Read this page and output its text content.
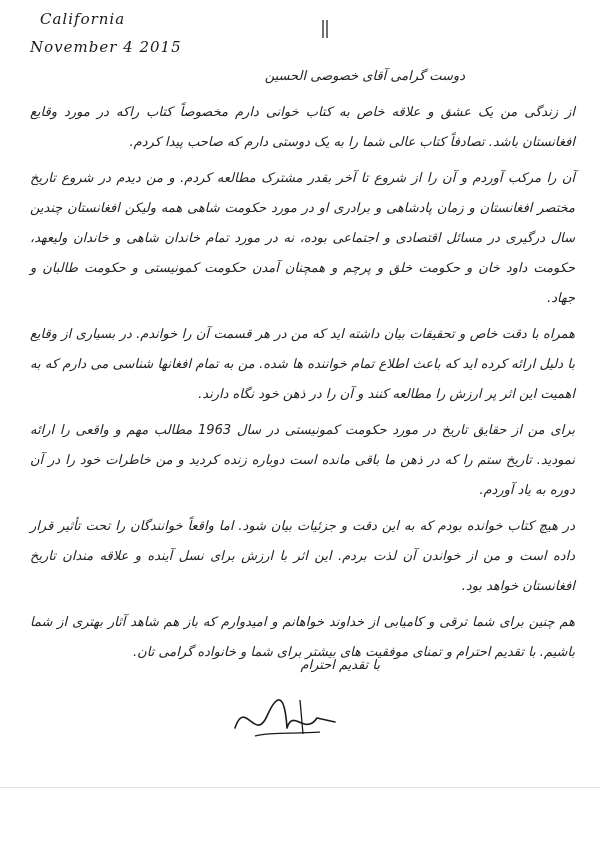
California
November 4 2015

دوست گرامی آقای خصوصی الحسین

از زندگی من یک عشق و علاقه خاص به کتاب خوانی دارم مخصوصاً کتاب راکه در مورد وقایع افغانستان باشد. تصادفاً کتاب عالی شما را به یک دوستی دارم که صاحب پیدا کردم.

آن را مرکب آوردم و آن را از شروع تا آخر بقدر مشترک مطالعه کردم. و من دیدم در شروع تاریخ مختصر افغانستان و زمان پادشاهی و برادری او در مورد حکومت شاهی همه ولیکن افغانستان چندین سال درگیری در مسائل اقتصادی و اجتماعی بوده، نه در مورد تمام خاندان شاهی و خاندان ولیعهد، حکومت داود خان و حکومت خلق و پرچم و همچنان آمدن حکومت کمونیستی و حکومت طالبان و جهاد.

همراه با دقت خاص و تحقیقات بیان داشته اید که من در هر قسمت آن را خواندم. در بسیاری از وقایع با دلیل ارائه کرده اید که باعث اطلاع تمام خواننده ها شده. من به تمام افغانها شناسی می دارم که به اهمیت این اثر پر ارزش را مطالعه کنند و آن را در ذهن خود نگاه دارند.

برای من از حقایق تاریخ در مورد حکومت کمونیستی در سال 1963 مطالب مهم و واقعی را ارائه نمودید. تاریخ ستم را که در ذهن ما باقی مانده است دوباره زنده کردید و من خاطرات خود را در آن دوره به یاد آوردم.

در هیچ کتاب خوانده بودم که به این دقت و جزئیات بیان شود. اما واقعاً خوانندگان را تحت تأثیر قرار داده است و من از خواندن آن لذت بردم. این اثر با ارزش برای نسل آینده و علاقه مندان تاریخ افغانستان خواهد بود.

هم چنین برای شما ترقی و کامیابی از خداوند خواهانم و امیدوارم که باز هم شاهد آثار بهتری از شما باشیم. با تقدیم احترام و تمنای موفقیت های بیشتر برای شما و خانواده گرامی تان.

با تقدیم احترام
